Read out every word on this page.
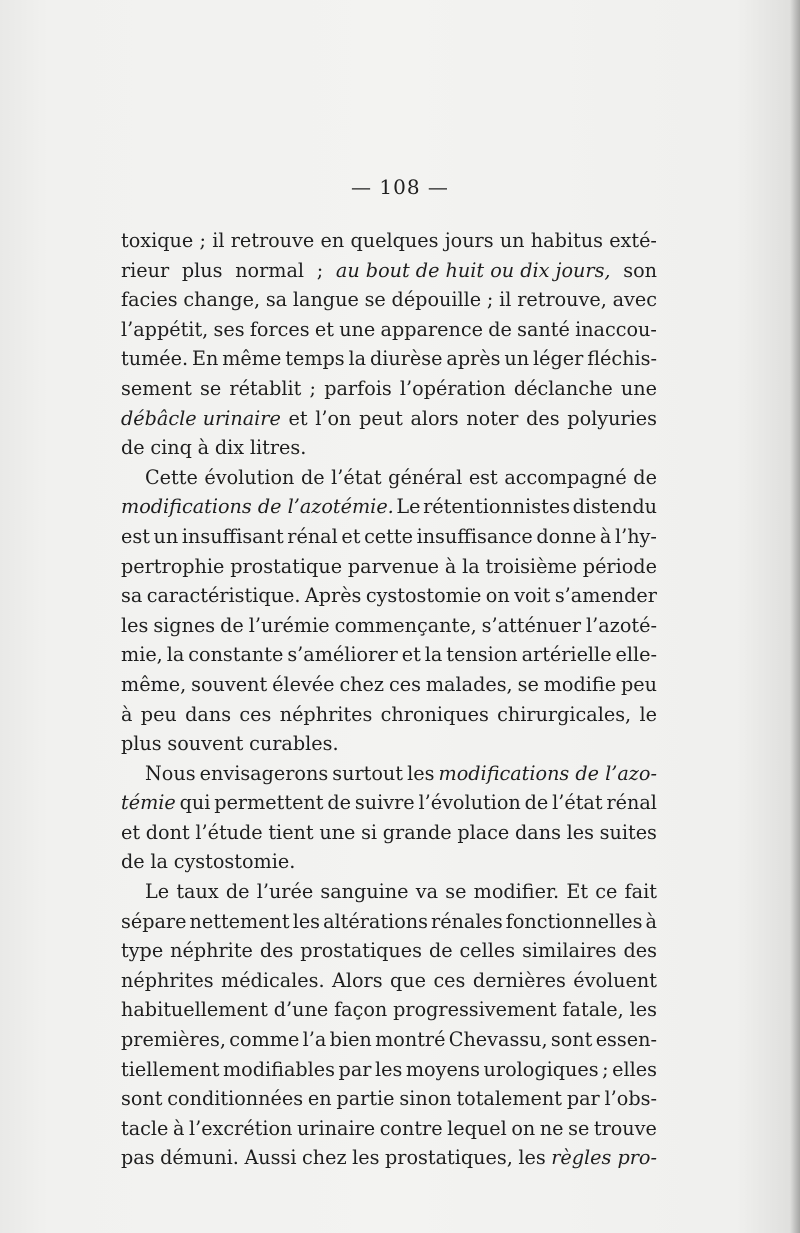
— 108 —
toxique ; il retrouve en quelques jours un habitus exté-
rieur plus normal ; au bout de huit ou dix jours, son
facies change, sa langue se dépouille ; il retrouve, avec
l’appétit, ses forces et une apparence de santé inaccou-
tumée. En même temps la diurèse après un léger fléchis-
sement se rétablit ; parfois l’opération déclanche une
débâcle urinaire et l’on peut alors noter des polyuries
de cinq à dix litres.
Cette évolution de l’état général est accompagné de
modifications de l’azotémie. Le rétentionnistes distendu
est un insuffisant rénal et cette insuffisance donne à l’hy-
pertrophie prostatique parvenue à la troisième période
sa caractéristique. Après cystostomie on voit s’amender
les signes de l’urémie commençante, s’atténuer l’azoté-
mie, la constante s’améliorer et la tension artérielle elle-
même, souvent élevée chez ces malades, se modifie peu
à peu dans ces néphrites chroniques chirurgicales, le
plus souvent curables.
Nous envisagerons surtout les modifications de l’azo-
témie qui permettent de suivre l’évolution de l’état rénal
et dont l’étude tient une si grande place dans les suites
de la cystostomie.
Le taux de l’urée sanguine va se modifier. Et ce fait
sépare nettement les altérations rénales fonctionnelles à
type néphrite des prostatiques de celles similaires des
néphrites médicales. Alors que ces dernières évoluent
habituellement d’une façon progressivement fatale, les
premières, comme l’a bien montré Chevassu, sont essen-
tiellement modifiables par les moyens urologiques ; elles
sont conditionnées en partie sinon totalement par l’obs-
tacle à l’excrétion urinaire contre lequel on ne se trouve
pas démuni. Aussi chez les prostatiques, les règles pro-
